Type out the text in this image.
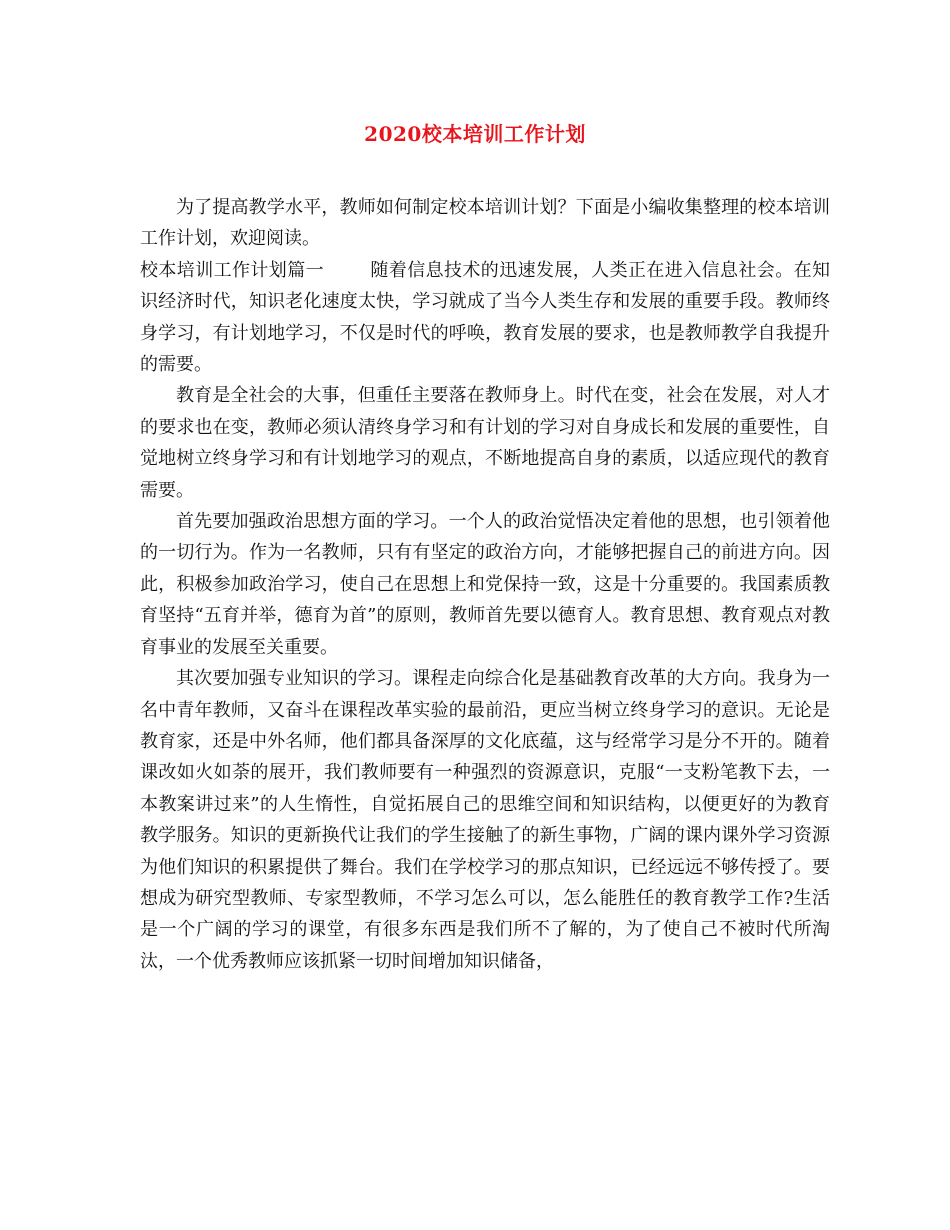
2020校本培训工作计划

为了提高教学水平，教师如何制定校本培训计划？下面是小编收集整理的校本培训工作计划，欢迎阅读。

校本培训工作计划篇一	随着信息技术的迅速发展，人类正在进入信息社会。在知识经济时代，知识老化速度太快，学习就成了当今人类生存和发展的重要手段。教师终身学习，有计划地学习，不仅是时代的呼唤，教育发展的要求，也是教师教学自我提升的需要。

教育是全社会的大事，但重任主要落在教师身上。时代在变，社会在发展，对人才的要求也在变，教师必须认清终身学习和有计划的学习对自身成长和发展的重要性，自觉地树立终身学习和有计划地学习的观点，不断地提高自身的素质，以适应现代的教育需要。

首先要加强政治思想方面的学习。一个人的政治觉悟决定着他的思想，也引领着他的一切行为。作为一名教师，只有有坚定的政治方向，才能够把握自己的前进方向。因此，积极参加政治学习，使自己在思想上和党保持一致，这是十分重要的。我国素质教育坚持“五育并举，德育为首”的原则，教师首先要以德育人。教育思想、教育观点对教育事业的发展至关重要。

其次要加强专业知识的学习。课程走向综合化是基础教育改革的大方向。我身为一名中青年教师，又奋斗在课程改革实验的最前沿，更应当树立终身学习的意识。无论是教育家，还是中外名师，他们都具备深厚的文化底蕴，这与经常学习是分不开的。随着课改如火如荼的展开，我们教师要有一种强烈的资源意识，克服“一支粉笔教下去，一本教案讲过来”的人生惰性，自觉拓展自己的思维空间和知识结构，以便更好的为教育教学服务。知识的更新换代让我们的学生接触了的新生事物，广阔的课内课外学习资源为他们知识的积累提供了舞台。我们在学校学习的那点知识，已经远远不够传授了。要想成为研究型教师、专家型教师，不学习怎么可以，怎么能胜任的教育教学工作?生活是一个广阔的学习的课堂，有很多东西是我们所不了解的，为了使自己不被时代所淘汰，一个优秀教师应该抓紧一切时间增加知识储备，
